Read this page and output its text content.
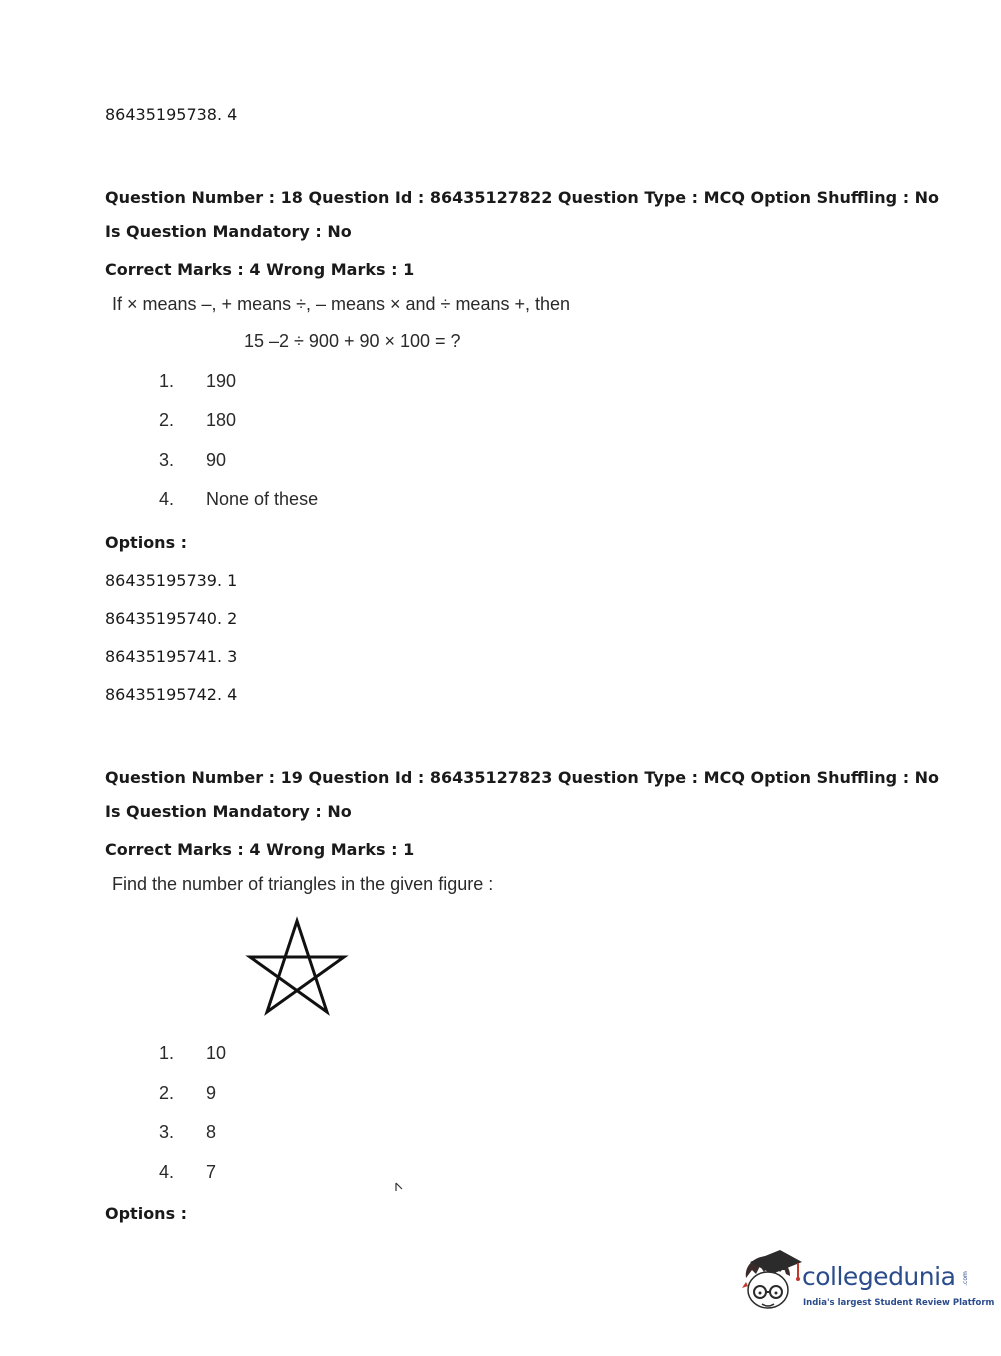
86435195738. 4
Question Number : 18 Question Id : 86435127822 Question Type : MCQ Option Shuffling : No
Is Question Mandatory : No
Correct Marks : 4 Wrong Marks : 1
If × means –, + means ÷, – means × and ÷ means +, then
15 –2 ÷ 900 + 90 × 100 = ?
1. 190
2. 180
3. 90
4. None of these
Options :
86435195739. 1
86435195740. 2
86435195741. 3
86435195742. 4
Question Number : 19 Question Id : 86435127823 Question Type : MCQ Option Shuffling : No
Is Question Mandatory : No
Correct Marks : 4 Wrong Marks : 1
Find the number of triangles in the given figure :
1. 10
2. 9
3. 8
4. 7
Options :
collegedunia .com
India's largest Student Review Platform
